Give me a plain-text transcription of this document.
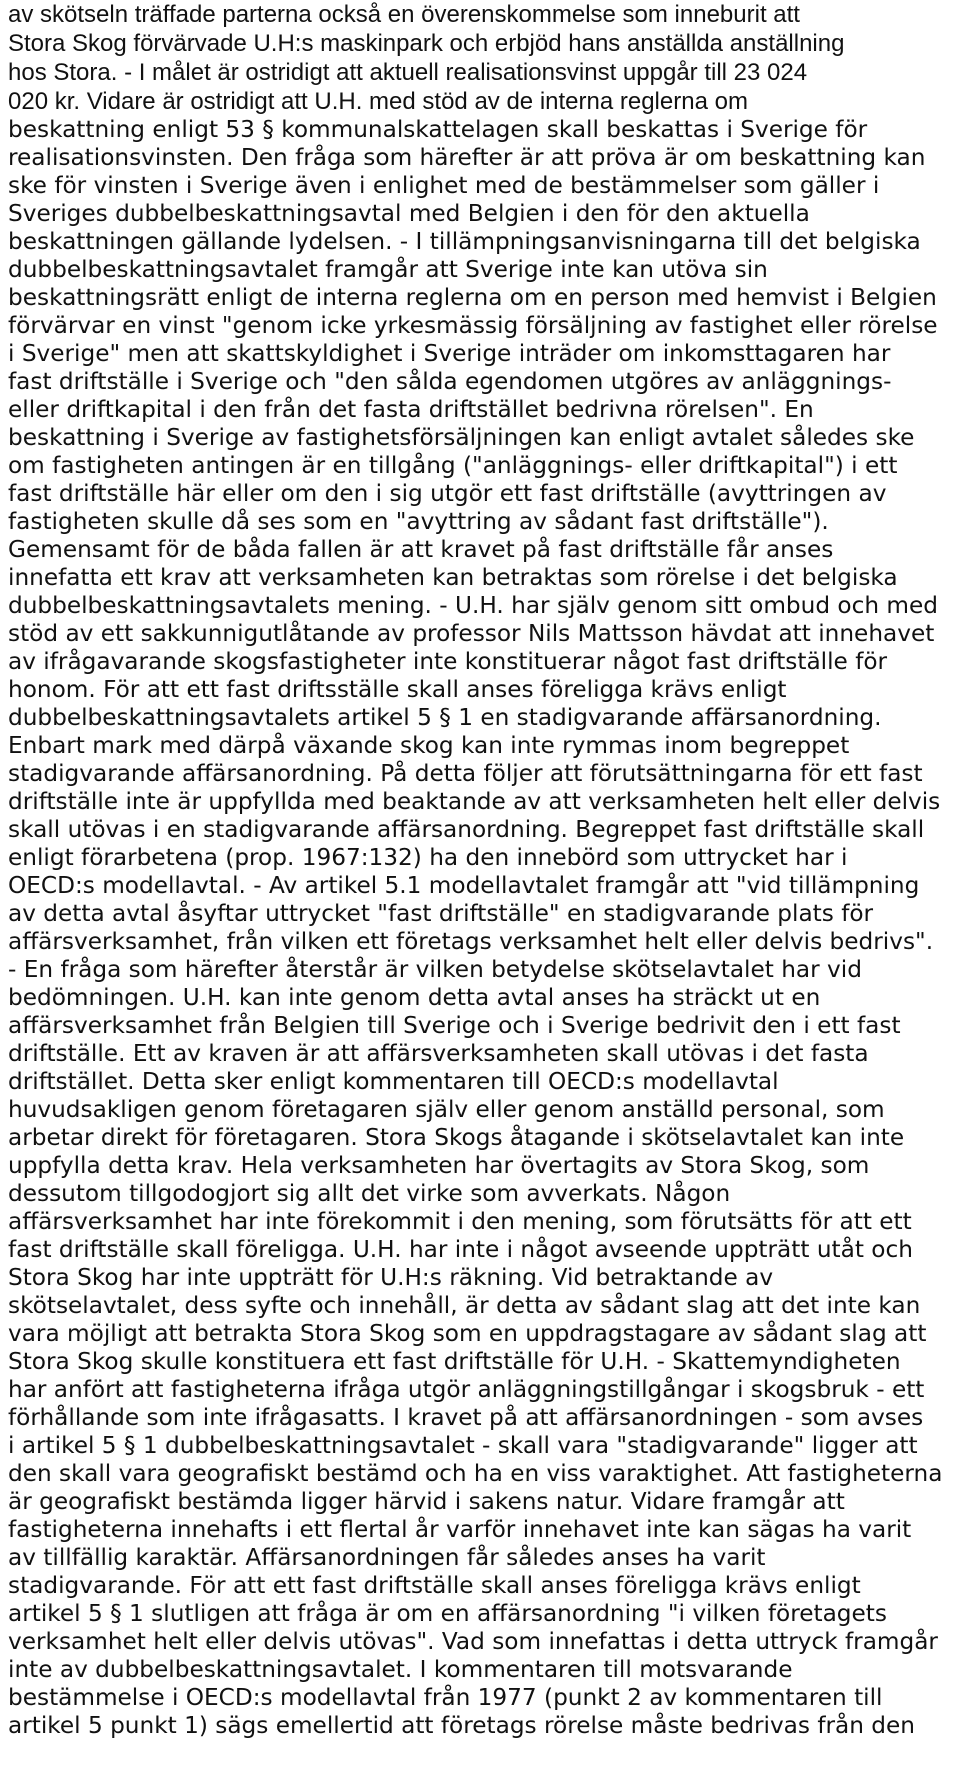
av skötseln träffade parterna också en överenskommelse som inneburit att
Stora Skog förvärvade U.H:s maskinpark och erbjöd hans anställda anställning
hos Stora. - I målet är ostridigt att aktuell realisationsvinst uppgår till 23 024
020 kr. Vidare är ostridigt att U.H. med stöd av de interna reglerna om
beskattning enligt 53 § kommunalskattelagen skall beskattas i Sverige för
realisationsvinsten. Den fråga som härefter är att pröva är om beskattning kan
ske för vinsten i Sverige även i enlighet med de bestämmelser som gäller i
Sveriges dubbelbeskattningsavtal med Belgien i den för den aktuella
beskattningen gällande lydelsen. - I tillämpningsanvisningarna till det belgiska
dubbelbeskattningsavtalet framgår att Sverige inte kan utöva sin
beskattningsrätt enligt de interna reglerna om en person med hemvist i Belgien
förvärvar en vinst "genom icke yrkesmässig försäljning av fastighet eller rörelse
i Sverige" men att skattskyldighet i Sverige inträder om inkomsttagaren har
fast driftställe i Sverige och "den sålda egendomen utgöres av anläggnings-
eller driftkapital i den från det fasta driftstället bedrivna rörelsen". En
beskattning i Sverige av fastighetsförsäljningen kan enligt avtalet således ske
om fastigheten antingen är en tillgång ("anläggnings- eller driftkapital") i ett
fast driftställe här eller om den i sig utgör ett fast driftställe (avyttringen av
fastigheten skulle då ses som en "avyttring av sådant fast driftställe").
Gemensamt för de båda fallen är att kravet på fast driftställe får anses
innefatta ett krav att verksamheten kan betraktas som rörelse i det belgiska
dubbelbeskattningsavtalets mening. - U.H. har själv genom sitt ombud och med
stöd av ett sakkunnigutlåtande av professor Nils Mattsson hävdat att innehavet
av ifrågavarande skogsfastigheter inte konstituerar något fast driftställe för
honom. För att ett fast driftsställe skall anses föreligga krävs enligt
dubbelbeskattningsavtalets artikel 5 § 1 en stadigvarande affärsanordning.
Enbart mark med därpå växande skog kan inte rymmas inom begreppet
stadigvarande affärsanordning. På detta följer att förutsättningarna för ett fast
driftställe inte är uppfyllda med beaktande av att verksamheten helt eller delvis
skall utövas i en stadigvarande affärsanordning. Begreppet fast driftställe skall
enligt förarbetena (prop. 1967:132) ha den innebörd som uttrycket har i
OECD:s modellavtal. - Av artikel 5.1 modellavtalet framgår att "vid tillämpning
av detta avtal åsyftar uttrycket "fast driftställe" en stadigvarande plats för
affärsverksamhet, från vilken ett företags verksamhet helt eller delvis bedrivs".
- En fråga som härefter återstår är vilken betydelse skötselavtalet har vid
bedömningen. U.H. kan inte genom detta avtal anses ha sträckt ut en
affärsverksamhet från Belgien till Sverige och i Sverige bedrivit den i ett fast
driftställe. Ett av kraven är att affärsverksamheten skall utövas i det fasta
driftstället. Detta sker enligt kommentaren till OECD:s modellavtal
huvudsakligen genom företagaren själv eller genom anställd personal, som
arbetar direkt för företagaren. Stora Skogs åtagande i skötselavtalet kan inte
uppfylla detta krav. Hela verksamheten har övertagits av Stora Skog, som
dessutom tillgodogjort sig allt det virke som avverkats. Någon
affärsverksamhet har inte förekommit i den mening, som förutsätts för att ett
fast driftställe skall föreligga. U.H. har inte i något avseende uppträtt utåt och
Stora Skog har inte uppträtt för U.H:s räkning. Vid betraktande av
skötselavtalet, dess syfte och innehåll, är detta av sådant slag att det inte kan
vara möjligt att betrakta Stora Skog som en uppdragstagare av sådant slag att
Stora Skog skulle konstituera ett fast driftställe för U.H. - Skattemyndigheten
har anfört att fastigheterna ifråga utgör anläggningstillgångar i skogsbruk - ett
förhållande som inte ifrågasatts. I kravet på att affärsanordningen - som avses
i artikel 5 § 1 dubbelbeskattningsavtalet - skall vara "stadigvarande" ligger att
den skall vara geografiskt bestämd och ha en viss varaktighet. Att fastigheterna
är geografiskt bestämda ligger härvid i sakens natur. Vidare framgår att
fastigheterna innehafts i ett flertal år varför innehavet inte kan sägas ha varit
av tillfällig karaktär. Affärsanordningen får således anses ha varit
stadigvarande. För att ett fast driftställe skall anses föreligga krävs enligt
artikel 5 § 1 slutligen att fråga är om en affärsanordning "i vilken företagets
verksamhet helt eller delvis utövas". Vad som innefattas i detta uttryck framgår
inte av dubbelbeskattningsavtalet. I kommentaren till motsvarande
bestämmelse i OECD:s modellavtal från 1977 (punkt 2 av kommentaren till
artikel 5 punkt 1) sägs emellertid att företags rörelse måste bedrivas från den
